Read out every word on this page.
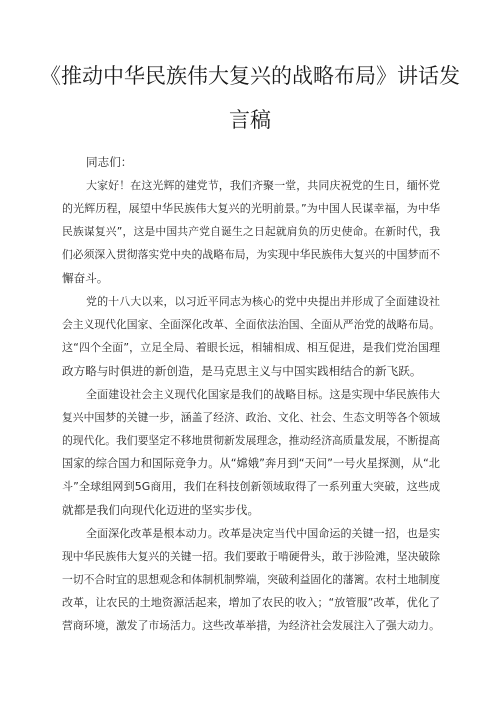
《推动中华民族伟大复兴的战略布局》讲话发
言稿
同志们：
大家好！在这光辉的建党节，我们齐聚一堂，共同庆祝党的生日，缅怀党
的光辉历程，展望中华民族伟大复兴的光明前景。”为中国人民谋幸福，为中华
民族谋复兴”，这是中国共产党自诞生之日起就肩负的历史使命。在新时代，我
们必须深入贯彻落实党中央的战略布局，为实现中华民族伟大复兴的中国梦而不
懈奋斗。
党的十八大以来，以习近平同志为核心的党中央提出并形成了全面建设社
会主义现代化国家、全面深化改革、全面依法治国、全面从严治党的战略布局。
这“四个全面”，立足全局、着眼长远，相辅相成、相互促进，是我们党治国理
政方略与时俱进的新创造，是马克思主义与中国实践相结合的新飞跃。
全面建设社会主义现代化国家是我们的战略目标。这是实现中华民族伟大
复兴中国梦的关键一步，涵盖了经济、政治、文化、社会、生态文明等各个领域
的现代化。我们要坚定不移地贯彻新发展理念，推动经济高质量发展，不断提高
国家的综合国力和国际竞争力。从“嫦娥”奔月到“天问”一号火星探测，从“北
斗”全球组网到5G商用，我们在科技创新领域取得了一系列重大突破，这些成
就都是我们向现代化迈进的坚实步伐。
全面深化改革是根本动力。改革是决定当代中国命运的关键一招，也是实
现中华民族伟大复兴的关键一招。我们要敢于啃硬骨头，敢于涉险滩，坚决破除
一切不合时宜的思想观念和体制机制弊端，突破利益固化的藩篱。农村土地制度
改革，让农民的土地资源活起来，增加了农民的收入；“放管服”改革，优化了
营商环境，激发了市场活力。这些改革举措，为经济社会发展注入了强大动力。
